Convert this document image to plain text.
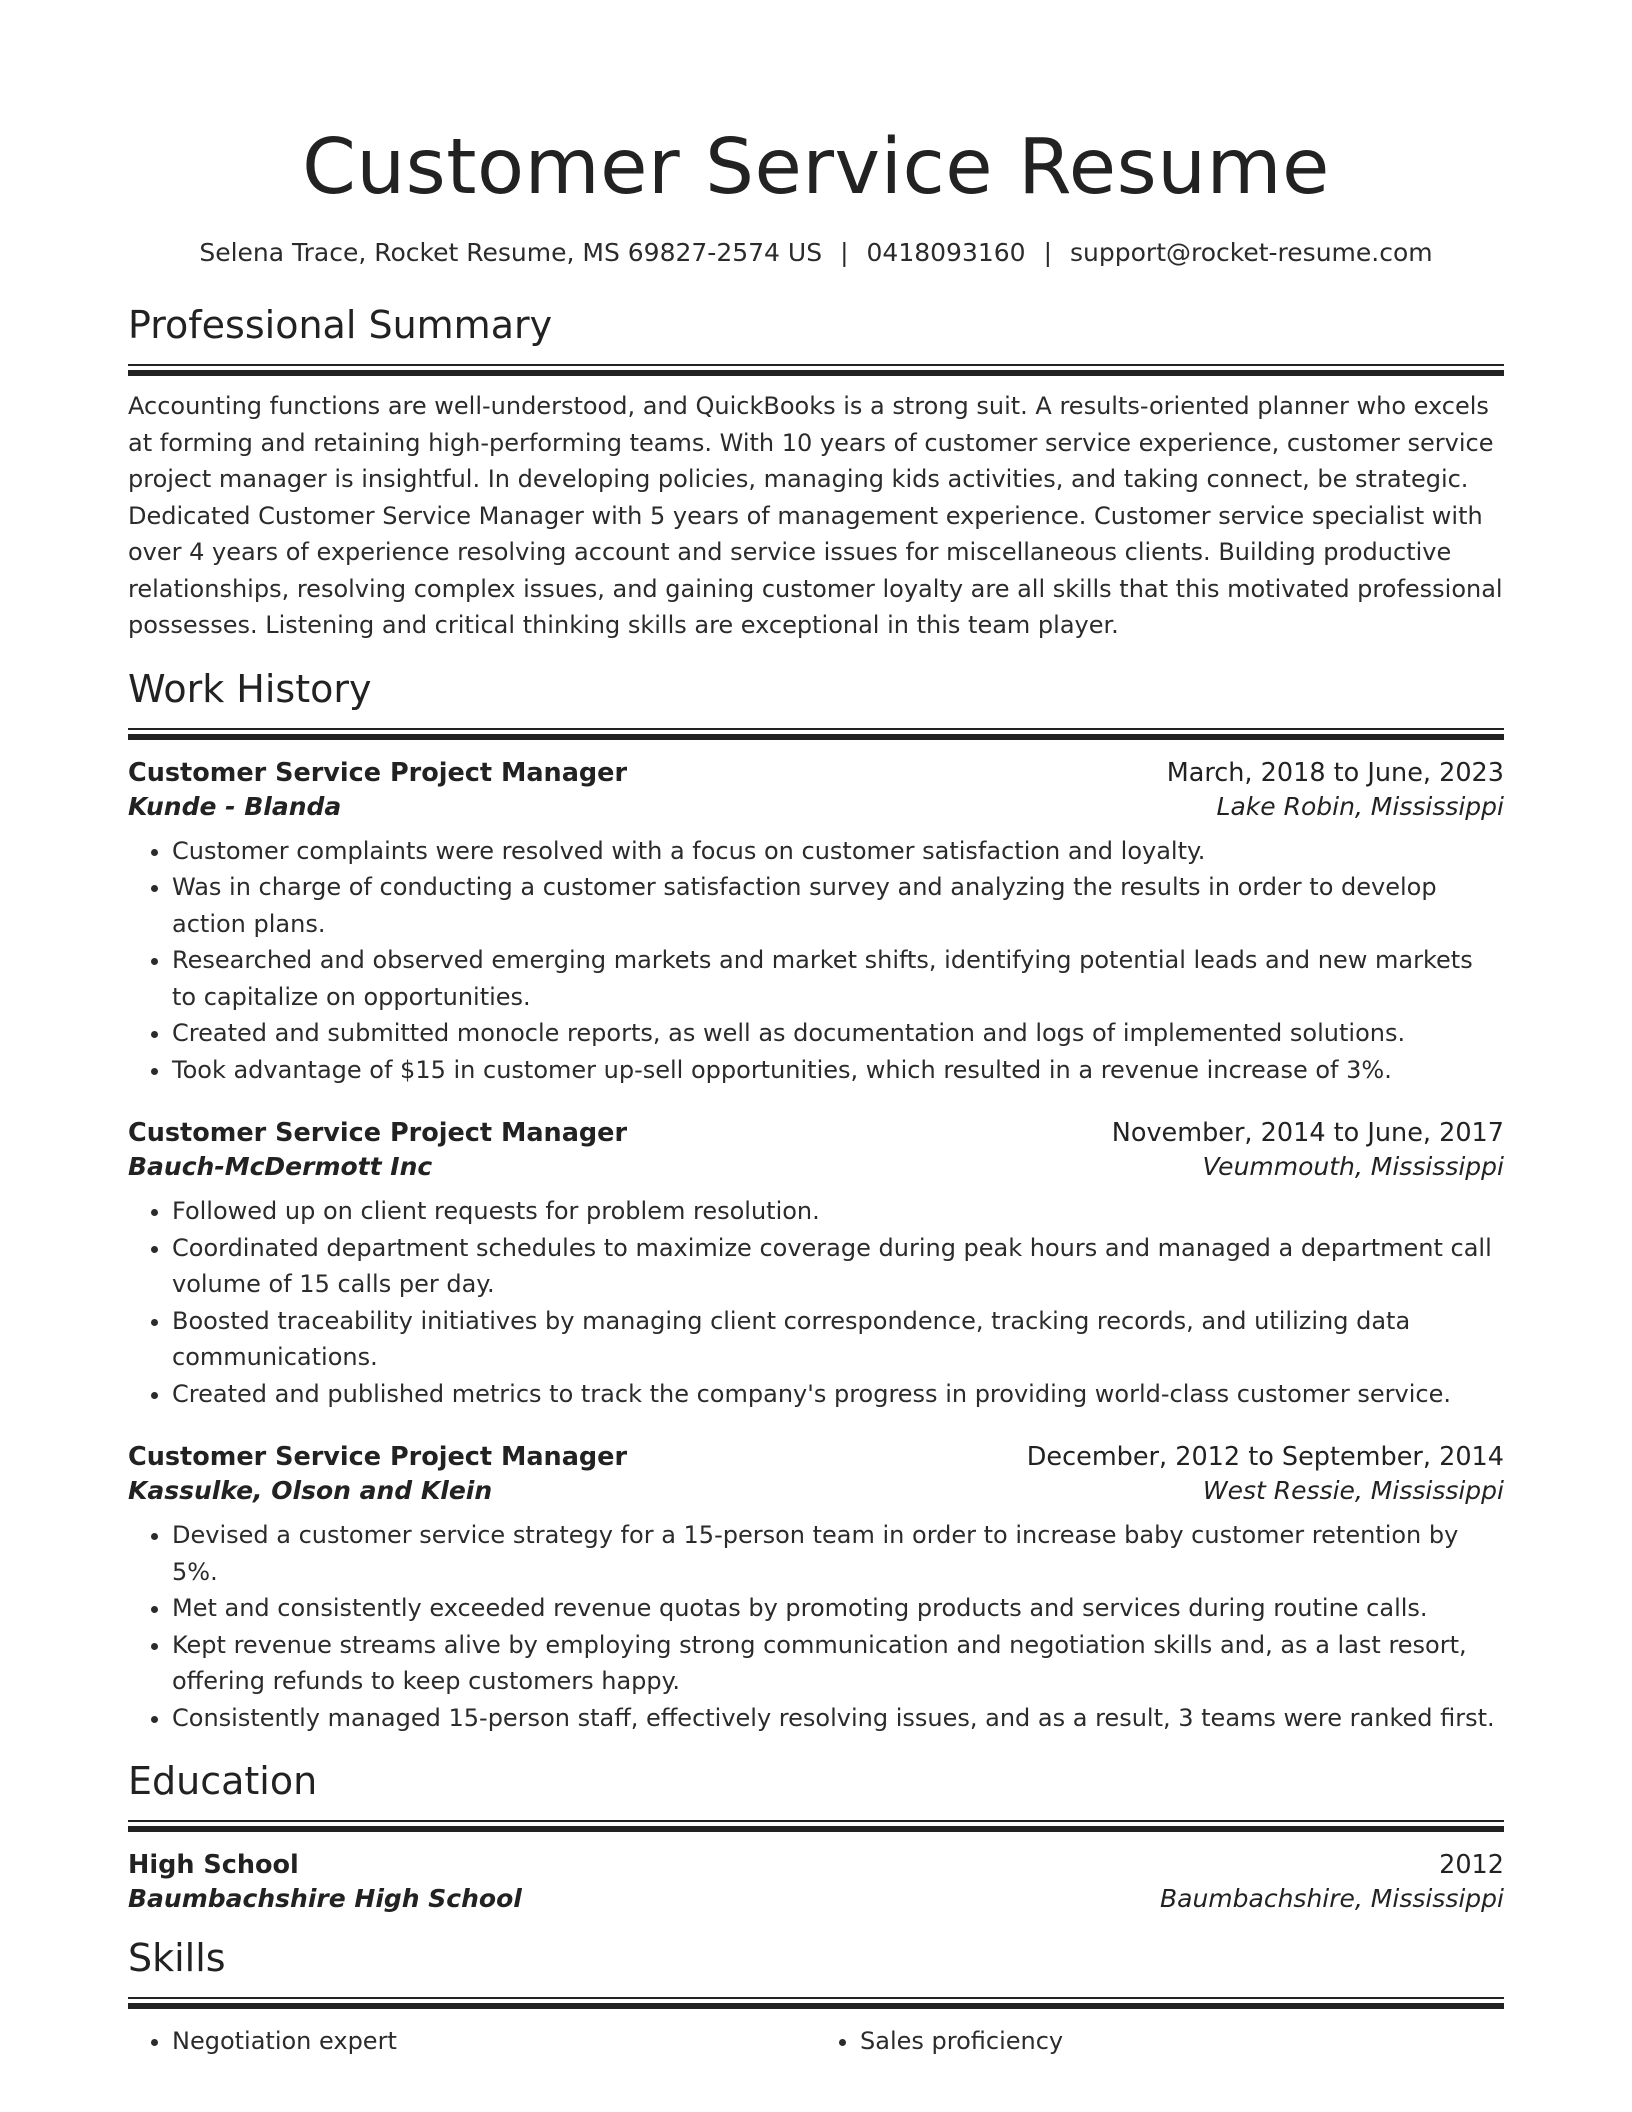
Customer Service Resume
Selena Trace, Rocket Resume, MS 69827-2574 US | 0418093160 | support@rocket-resume.com
Professional Summary

Accounting functions are well-understood, and QuickBooks is a strong suit. A results-oriented planner who excels at forming and retaining high-performing teams. With 10 years of customer service experience, customer service project manager is insightful. In developing policies, managing kids activities, and taking connect, be strategic. Dedicated Customer Service Manager with 5 years of management experience. Customer service specialist with over 4 years of experience resolving account and service issues for miscellaneous clients. Building productive relationships, resolving complex issues, and gaining customer loyalty are all skills that this motivated professional possesses. Listening and critical thinking skills are exceptional in this team player.

Work History
Customer Service Project Manager	March, 2018 to June, 2023
Kunde - Blanda	Lake Robin, Mississippi
• Customer complaints were resolved with a focus on customer satisfaction and loyalty.
• Was in charge of conducting a customer satisfaction survey and analyzing the results in order to develop action plans.
• Researched and observed emerging markets and market shifts, identifying potential leads and new markets to capitalize on opportunities.
• Created and submitted monocle reports, as well as documentation and logs of implemented solutions.
• Took advantage of $15 in customer up-sell opportunities, which resulted in a revenue increase of 3%.
Customer Service Project Manager	November, 2014 to June, 2017
Bauch-McDermott Inc	Veummouth, Mississippi
• Followed up on client requests for problem resolution.
• Coordinated department schedules to maximize coverage during peak hours and managed a department call volume of 15 calls per day.
• Boosted traceability initiatives by managing client correspondence, tracking records, and utilizing data communications.
• Created and published metrics to track the company's progress in providing world-class customer service.
Customer Service Project Manager	December, 2012 to September, 2014
Kassulke, Olson and Klein	West Ressie, Mississippi
• Devised a customer service strategy for a 15-person team in order to increase baby customer retention by 5%.
• Met and consistently exceeded revenue quotas by promoting products and services during routine calls.
• Kept revenue streams alive by employing strong communication and negotiation skills and, as a last resort, offering refunds to keep customers happy.
• Consistently managed 15-person staff, effectively resolving issues, and as a result, 3 teams were ranked first.
Education
High School	2012
Baumbachshire High School	Baumbachshire, Mississippi
Skills
• Negotiation expert
•	Sales proficiency
